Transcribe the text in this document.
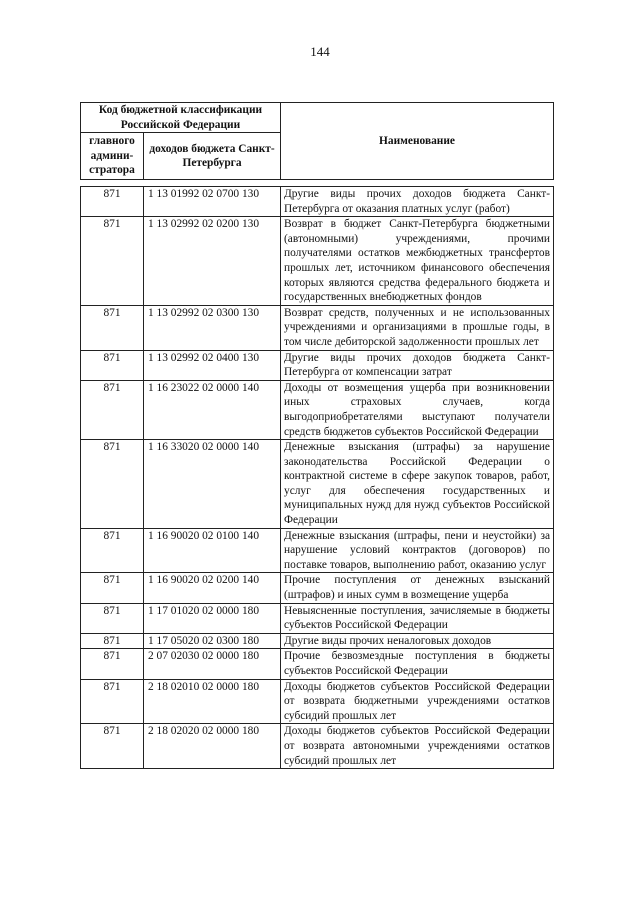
144
Код бюджетной классификации Российской Федерации		Наименование
главного админи-стратора	доходов бюджета Санкт-Петербурга	
871	1 13 01992 02 0700 130	Другие виды прочих доходов бюджета Санкт-Петербурга от оказания платных услуг (работ)
871	1 13 02992 02 0200 130	Возврат в бюджет Санкт-Петербурга бюджетными (автономными) учреждениями, прочими получателями остатков межбюджетных трансфертов прошлых лет, источником финансового обеспечения которых являются средства федерального бюджета и государственных внебюджетных фондов
871	1 13 02992 02 0300 130	Возврат средств, полученных и не использованных учреждениями и организациями в прошлые годы, в том числе дебиторской задолженности прошлых лет
871	1 13 02992 02 0400 130	Другие виды прочих доходов бюджета Санкт-Петербурга от компенсации затрат
871	1 16 23022 02 0000 140	Доходы от возмещения ущерба при возникновении иных страховых случаев, когда выгодоприобретателями выступают получатели средств бюджетов субъектов Российской Федерации
871	1 16 33020 02 0000 140	Денежные взыскания (штрафы) за нарушение законодательства Российской Федерации о контрактной системе в сфере закупок товаров, работ, услуг для обеспечения государственных и муниципальных нужд для нужд субъектов Российской Федерации
871	1 16 90020 02 0100 140	Денежные взыскания (штрафы, пени и неустойки) за нарушение условий контрактов (договоров) по поставке товаров, выполнению работ, оказанию услуг
871	1 16 90020 02 0200 140	Прочие поступления от денежных взысканий (штрафов) и иных сумм в возмещение ущерба
871	1 17 01020 02 0000 180	Невыясненные поступления, зачисляемые в бюджеты субъектов Российской Федерации
871	1 17 05020 02 0300 180	Другие виды прочих неналоговых доходов
871	2 07 02030 02 0000 180	Прочие безвозмездные поступления в бюджеты субъектов Российской Федерации
871	2 18 02010 02 0000 180	Доходы бюджетов субъектов Российской Федерации от возврата бюджетными учреждениями остатков субсидий прошлых лет
871	2 18 02020 02 0000 180	Доходы бюджетов субъектов Российской Федерации от возврата автономными учреждениями остатков субсидий прошлых лет
